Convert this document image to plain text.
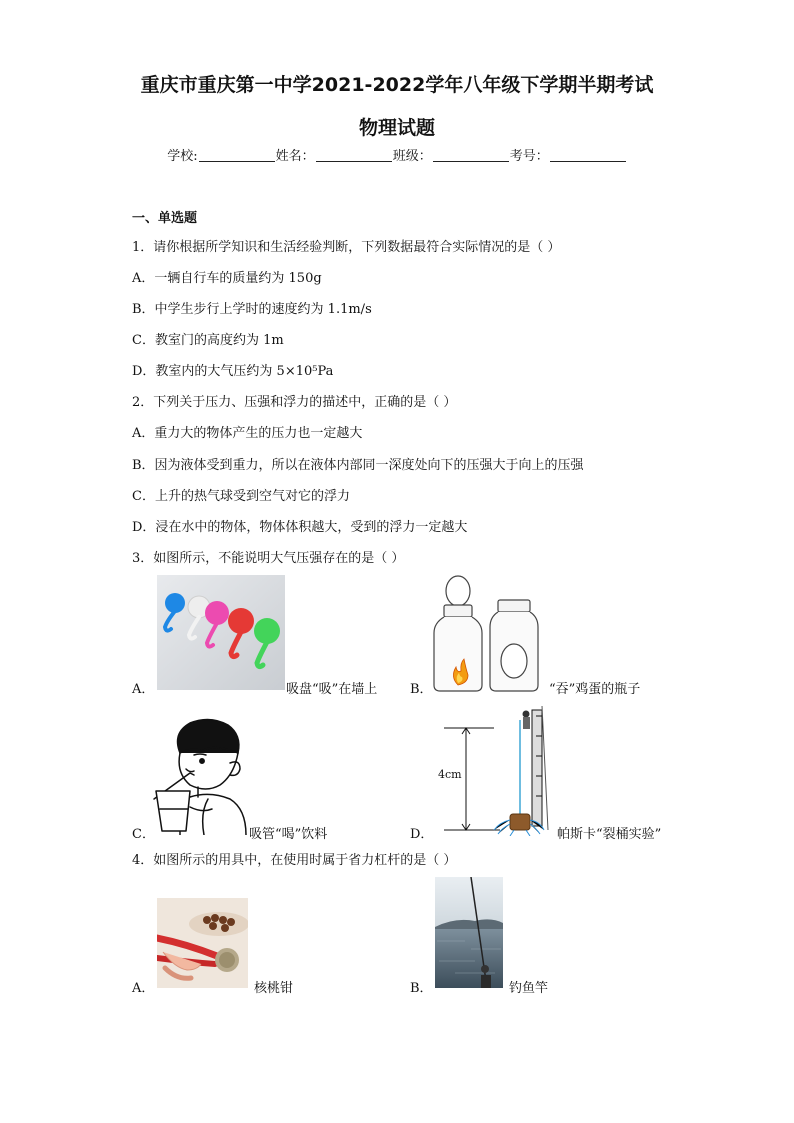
重庆市重庆第一中学2021-2022学年八年级下学期半期考试
物理试题
学校:	姓名：	班级：	考号：
一、单选题
1．请你根据所学知识和生活经验判断，下列数据最符合实际情况的是（ ）
A．一辆自行车的质量约为 150g
B．中学生步行上学时的速度约为 1.1m/s
C．教室门的高度约为 1m
D．教室内的大气压约为 5×10⁵Pa
2．下列关于压力、压强和浮力的描述中，正确的是（ ）
A．重力大的物体产生的压力也一定越大
B．因为液体受到重力，所以在液体内部同一深度处向下的压强大于向上的压强
C．上升的热气球受到空气对它的浮力
D．浸在水中的物体，物体体积越大，受到的浮力一定越大
3．如图所示，不能说明大气压强存在的是（ ）
A．	吸盘“吸”在墙上	B．	“吞”鸡蛋的瓶子
C．	吸管“喝”饮料	D．
4cm
帕斯卡“裂桶实验”
4．如图所示的用具中，在使用时属于省力杠杆的是（ ）
A．	核桃钳	B．	钓鱼竿
